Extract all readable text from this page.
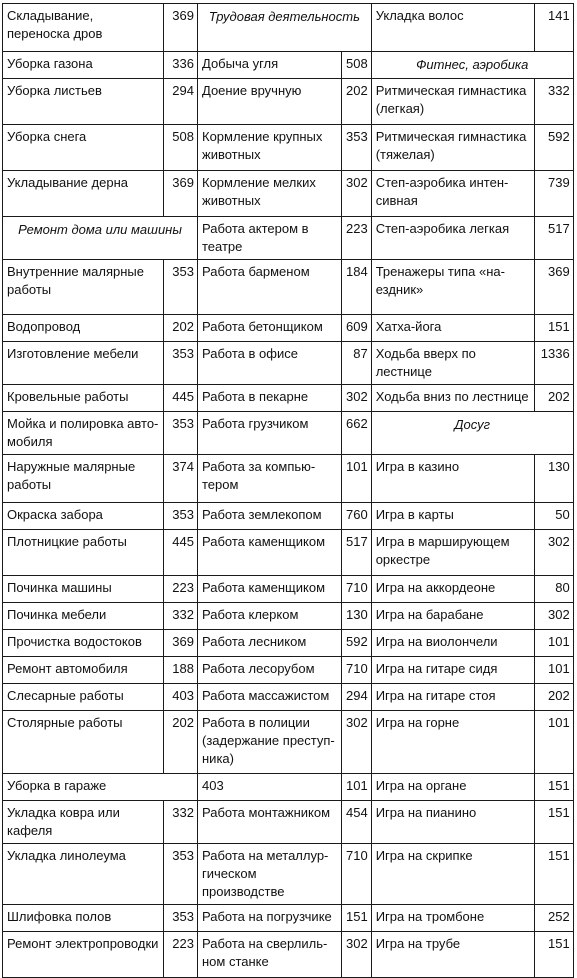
Складывание, переноска дров	369	Трудовая деятельность		Укладка волос	141
Уборка газона	336	Добыча угля	508	Фитнес, аэробика	
Уборка листьев	294	Доение вручную	202	Ритмическая гимнастика (легкая)	332
Уборка снега	508	Кормление крупных животных	353	Ритмическая гимнастика (тяжелая)	592
Укладывание дерна	369	Кормление мелких животных	302	Степ-аэробика интен-сивная	739
Ремонт дома или машины		Работа актером в театре	223	Степ-аэробика легкая	517
Внутренние малярные работы	353	Работа барменом	184	Тренажеры типа «на-ездник»	369
Водопровод	202	Работа бетонщиком	609	Хатха-йога	151
Изготовление мебели	353	Работа в офисе	87	Ходьба вверх по лестнице	1336
Кровельные работы	445	Работа в пекарне	302	Ходьба вниз по лестнице	202
Мойка и полировка авто-мобиля	353	Работа грузчиком	662	Досуг	
Наружные малярные работы	374	Работа за компью-тером	101	Игра в казино	130
Окраска забора	353	Работа землекопом	760	Игра в карты	50
Плотницкие работы	445	Работа каменщиком	517	Игра в марширующем оркестре	302
Починка машины	223	Работа каменщиком	710	Игра на аккордеоне	80
Починка мебели	332	Работа клерком	130	Игра на барабане	302
Прочистка водостоков	369	Работа лесником	592	Игра на виолончели	101
Ремонт автомобиля	188	Работа лесорубом	710	Игра на гитаре сидя	101
Слесарные работы	403	Работа массажистом	294	Игра на гитаре стоя	202
Столярные работы	202	Работа в полиции (задержание преступ-ника)	302	Игра на горне	101
Уборка в гараже		403	101	Игра на органе	151
Укладка ковра или кафеля	332	Работа монтажником	454	Игра на пианино	151
Укладка линолеума	353	Работа на металлур-гическом производстве	710	Игра на скрипке	151
Шлифовка полов	353	Работа на погрузчике	151	Игра на тромбоне	252
Ремонт электропроводки	223	Работа на сверлиль-ном станке	302	Игра на трубе	151
